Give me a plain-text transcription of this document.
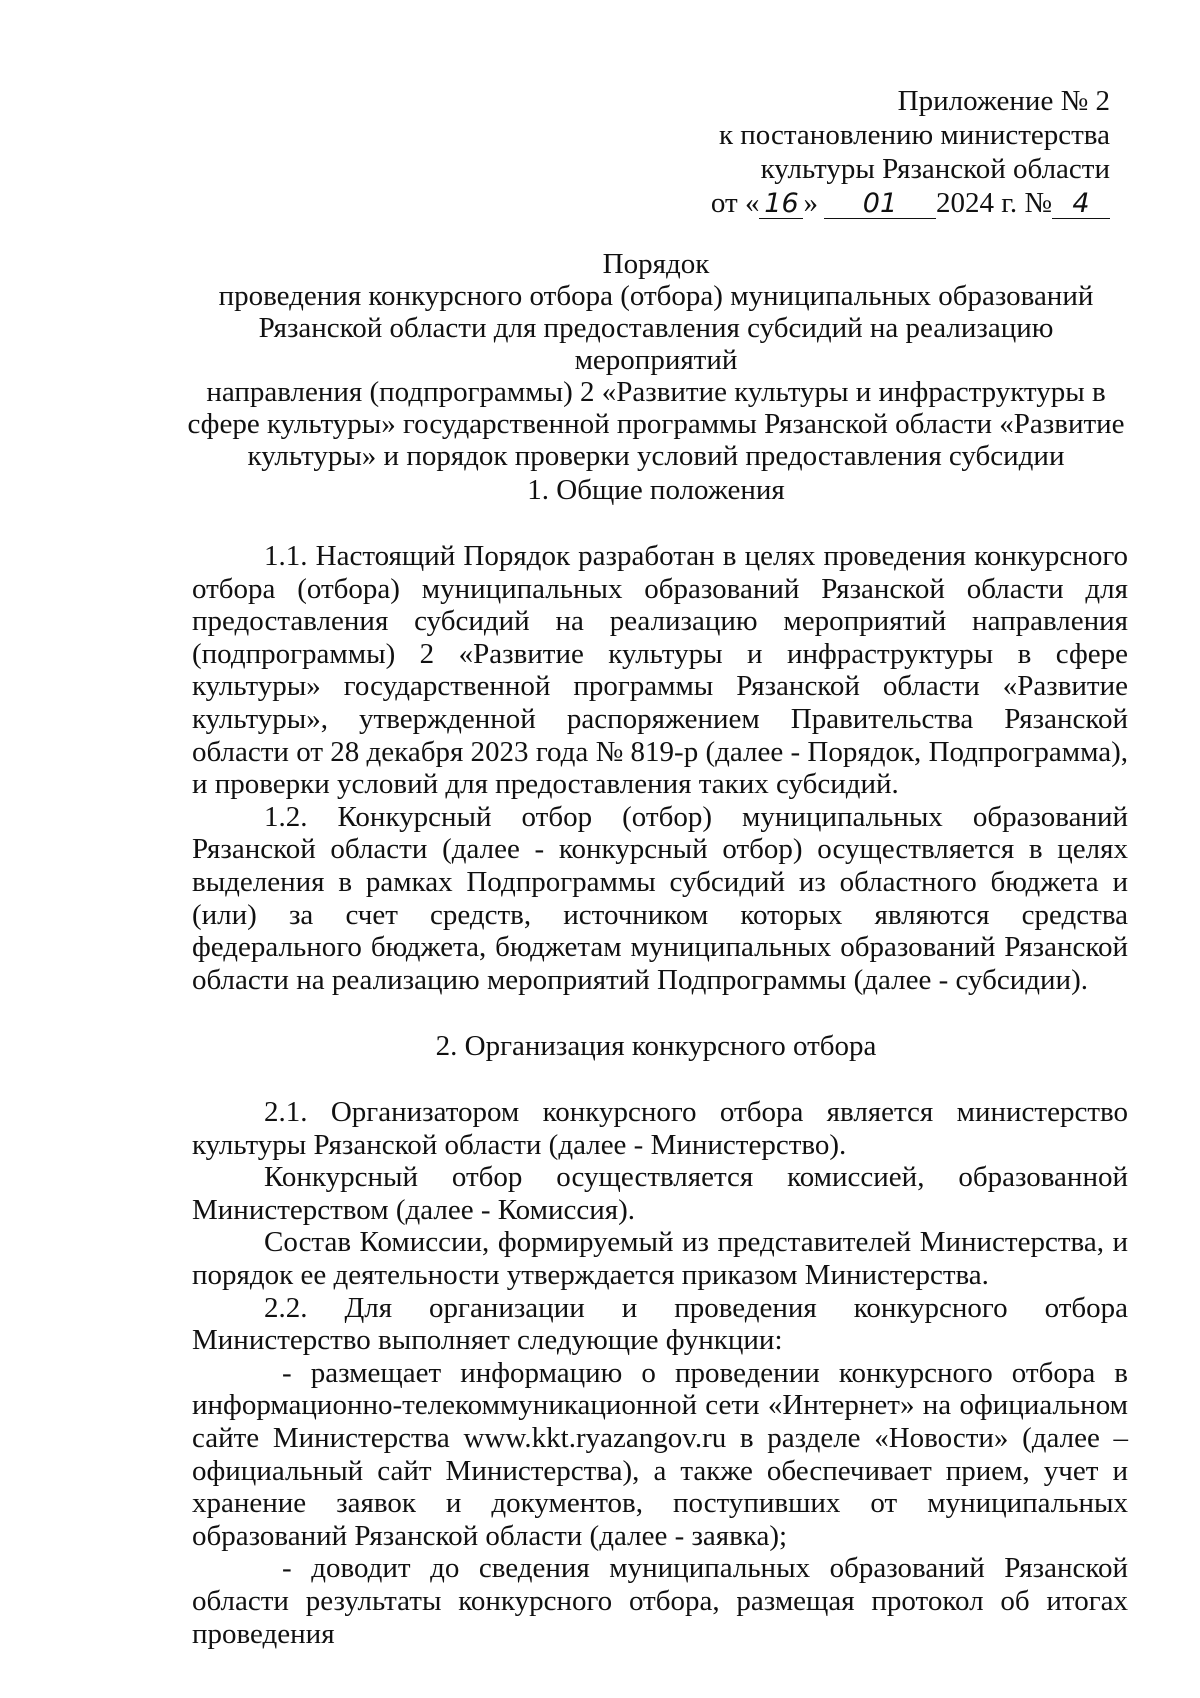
Приложение № 2
к постановлению министерства
культуры Рязанской области
от « 16 » 01 2024 г. № 4
Порядок
проведения конкурсного отбора (отбора) муниципальных образований
Рязанской области для предоставления субсидий на реализацию мероприятий
направления (подпрограммы) 2 «Развитие культуры и инфраструктуры в
сфере культуры» государственной программы Рязанской области «Развитие
культуры» и порядок проверки условий предоставления субсидии
1. Общие положения

1.1. Настоящий Порядок разработан в целях проведения конкурсного отбора (отбора) муниципальных образований Рязанской области для предоставления субсидий на реализацию мероприятий направления (подпрограммы) 2 «Развитие культуры и инфраструктуры в сфере культуры» государственной программы Рязанской области «Развитие культуры», утвержденной распоряжением Правительства Рязанской области от 28 декабря 2023 года № 819-р (далее - Порядок, Подпрограмма), и проверки условий для предоставления таких субсидий.

1.2. Конкурсный отбор (отбор) муниципальных образований Рязанской области (далее - конкурсный отбор) осуществляется в целях выделения в рамках Подпрограммы субсидий из областного бюджета и (или) за счет средств, источником которых являются средства федерального бюджета, бюджетам муниципальных образований Рязанской области на реализацию мероприятий Подпрограммы (далее - субсидии).

2. Организация конкурсного отбора

2.1. Организатором конкурсного отбора является министерство культуры Рязанской области (далее - Министерство).

Конкурсный отбор осуществляется комиссией, образованной Министерством (далее - Комиссия).

Состав Комиссии, формируемый из представителей Министерства, и порядок ее деятельности утверждается приказом Министерства.

2.2. Для организации и проведения конкурсного отбора Министерство выполняет следующие функции:

- размещает информацию о проведении конкурсного отбора в информационно-телекоммуникационной сети «Интернет» на официальном сайте Министерства www.kkt.ryazangov.ru в разделе «Новости» (далее – официальный сайт Министерства), а также обеспечивает прием, учет и хранение заявок и документов, поступивших от муниципальных образований Рязанской области (далее - заявка);

- доводит до сведения муниципальных образований Рязанской области результаты конкурсного отбора, размещая протокол об итогах проведения
